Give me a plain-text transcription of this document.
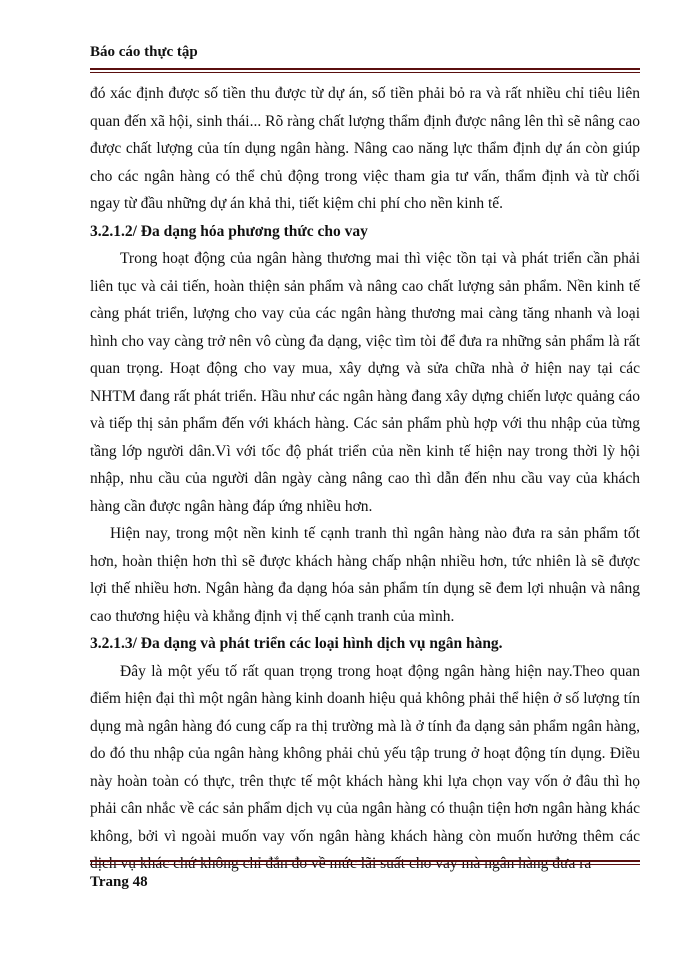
Báo cáo thực tập

đó xác định được số tiền thu được từ dự án, số tiền phải bỏ ra và rất nhiều chỉ tiêu liên quan đến xã hội, sinh thái... Rõ ràng chất lượng thẩm định được nâng lên thì sẽ nâng cao được chất lượng của tín dụng ngân hàng. Nâng cao năng lực thẩm định dự án còn giúp cho các ngân hàng có thể chủ động trong việc tham gia tư vấn, thẩm định và từ chối ngay từ đầu những dự án khả thi, tiết kiệm chi phí cho nền kinh tế.

3.2.1.2/ Đa dạng hóa phương thức cho vay

Trong hoạt động của ngân hàng thương mai thì việc tồn tại và phát triển cần phải liên tục và cải tiến, hoàn thiện sản phẩm và nâng cao chất lượng sản phẩm. Nền kinh tế càng phát triển, lượng cho vay của các ngân hàng thương mai càng tăng nhanh và loại hình cho vay càng trở nên vô cùng đa dạng, việc tìm tòi để đưa ra những sản phẩm là rất quan trọng. Hoạt động cho vay mua, xây dựng và sửa chữa nhà ở hiện nay tại các NHTM đang rất phát triển. Hầu như các ngân hàng đang xây dựng chiến lược quảng cáo và tiếp thị sản phẩm đến với khách hàng. Các sản phẩm phù hợp với thu nhập của từng tầng lớp người dân.Vì với tốc độ phát triển của nền kinh tế hiện nay trong thời lỳ hội nhập, nhu cầu của người dân ngày càng nâng cao thì dẫn đến nhu cầu vay của khách hàng cần được ngân hàng đáp ứng nhiều hơn.

Hiện nay, trong một nền kinh tế cạnh tranh thì ngân hàng nào đưa ra sản phẩm tốt hơn, hoàn thiện hơn thì sẽ được khách hàng chấp nhận nhiều hơn, tức nhiên là sẽ được lợi thế nhiều hơn. Ngân hàng đa dạng hóa sản phẩm tín dụng sẽ đem lợi nhuận và nâng cao thương hiệu và khẳng định vị thế cạnh tranh của mình.

3.2.1.3/ Đa dạng và phát triển các loại hình dịch vụ ngân hàng.

Đây là một yếu tố rất quan trọng trong hoạt động ngân hàng hiện nay.Theo quan điểm hiện đại thì một ngân hàng kinh doanh hiệu quả không phải thể hiện ở số lượng tín dụng mà ngân hàng đó cung cấp ra thị trường mà là ở tính đa dạng sản phẩm ngân hàng, do đó thu nhập của ngân hàng không phải chủ yếu tập trung ở hoạt động tín dụng. Điều này hoàn toàn có thực, trên thực tế một khách hàng khi lựa chọn vay vốn ở đâu thì họ phải cân nhắc về các sản phẩm dịch vụ của ngân hàng có thuận tiện hơn ngân hàng khác không, bởi vì ngoài muốn vay vốn ngân hàng khách hàng còn muốn hưởng thêm các dịch vụ khác chứ không chỉ đắn đo về mức lãi suất cho vay mà ngân hàng đưa ra

Trang 48
